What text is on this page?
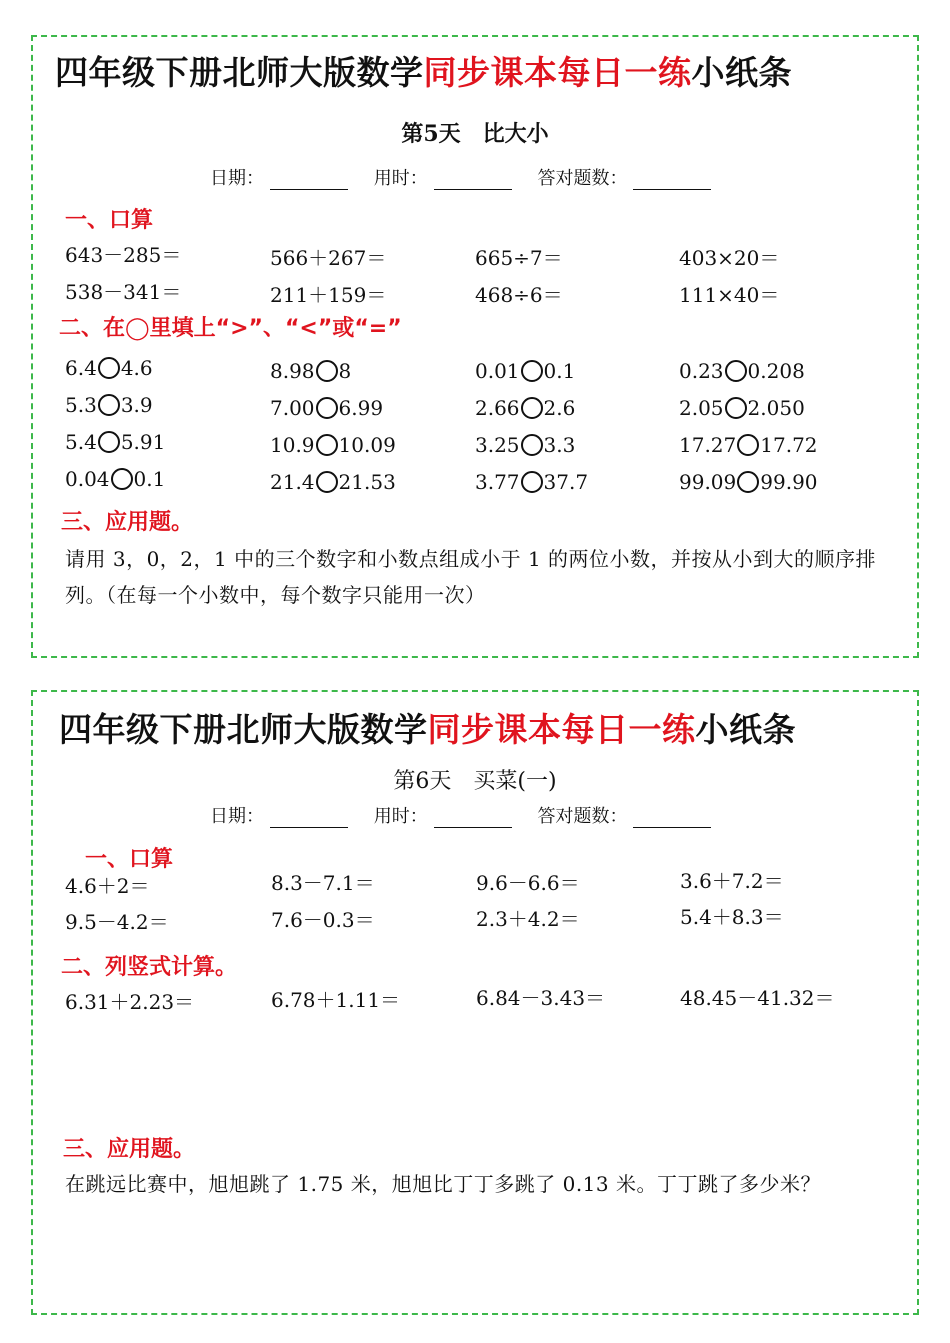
四年级下册北师大版数学同步课本每日一练小纸条
第5天　比大小
日期：	用时：	答对题数：
一、口算
643－285＝	566＋267＝	665÷7＝	403×20＝
538－341＝	211＋159＝	468÷6＝	111×40＝
二、在◯里填上“>”、“<”或“=”
6.4 4.6	8.98 8	0.01 0.1	0.23 0.208
5.3 3.9	7.00 6.99	2.66 2.6	2.05 2.050
5.4 5.91	10.9 10.09	3.25 3.3	17.27 17.72
0.04 0.1	21.4 21.53	3.77 37.7	99.09 99.90
三、应用题。
请用 3，0，2，1 中的三个数字和小数点组成小于 1 的两位小数，并按从小到大的顺序排列。（在每一个小数中，每个数字只能用一次）
四年级下册北师大版数学同步课本每日一练小纸条
第6天　买菜(一)
日期：	用时：	答对题数：
一、口算
4.6＋2＝	8.3－7.1＝	9.6－6.6＝	3.6＋7.2＝
9.5－4.2＝	7.6－0.3＝	2.3＋4.2＝	5.4＋8.3＝
二、列竖式计算。
6.31＋2.23＝	6.78＋1.11＝	6.84－3.43＝	48.45－41.32＝
三、应用题。
在跳远比赛中，旭旭跳了 1.75 米，旭旭比丁丁多跳了 0.13 米。丁丁跳了多少米？
